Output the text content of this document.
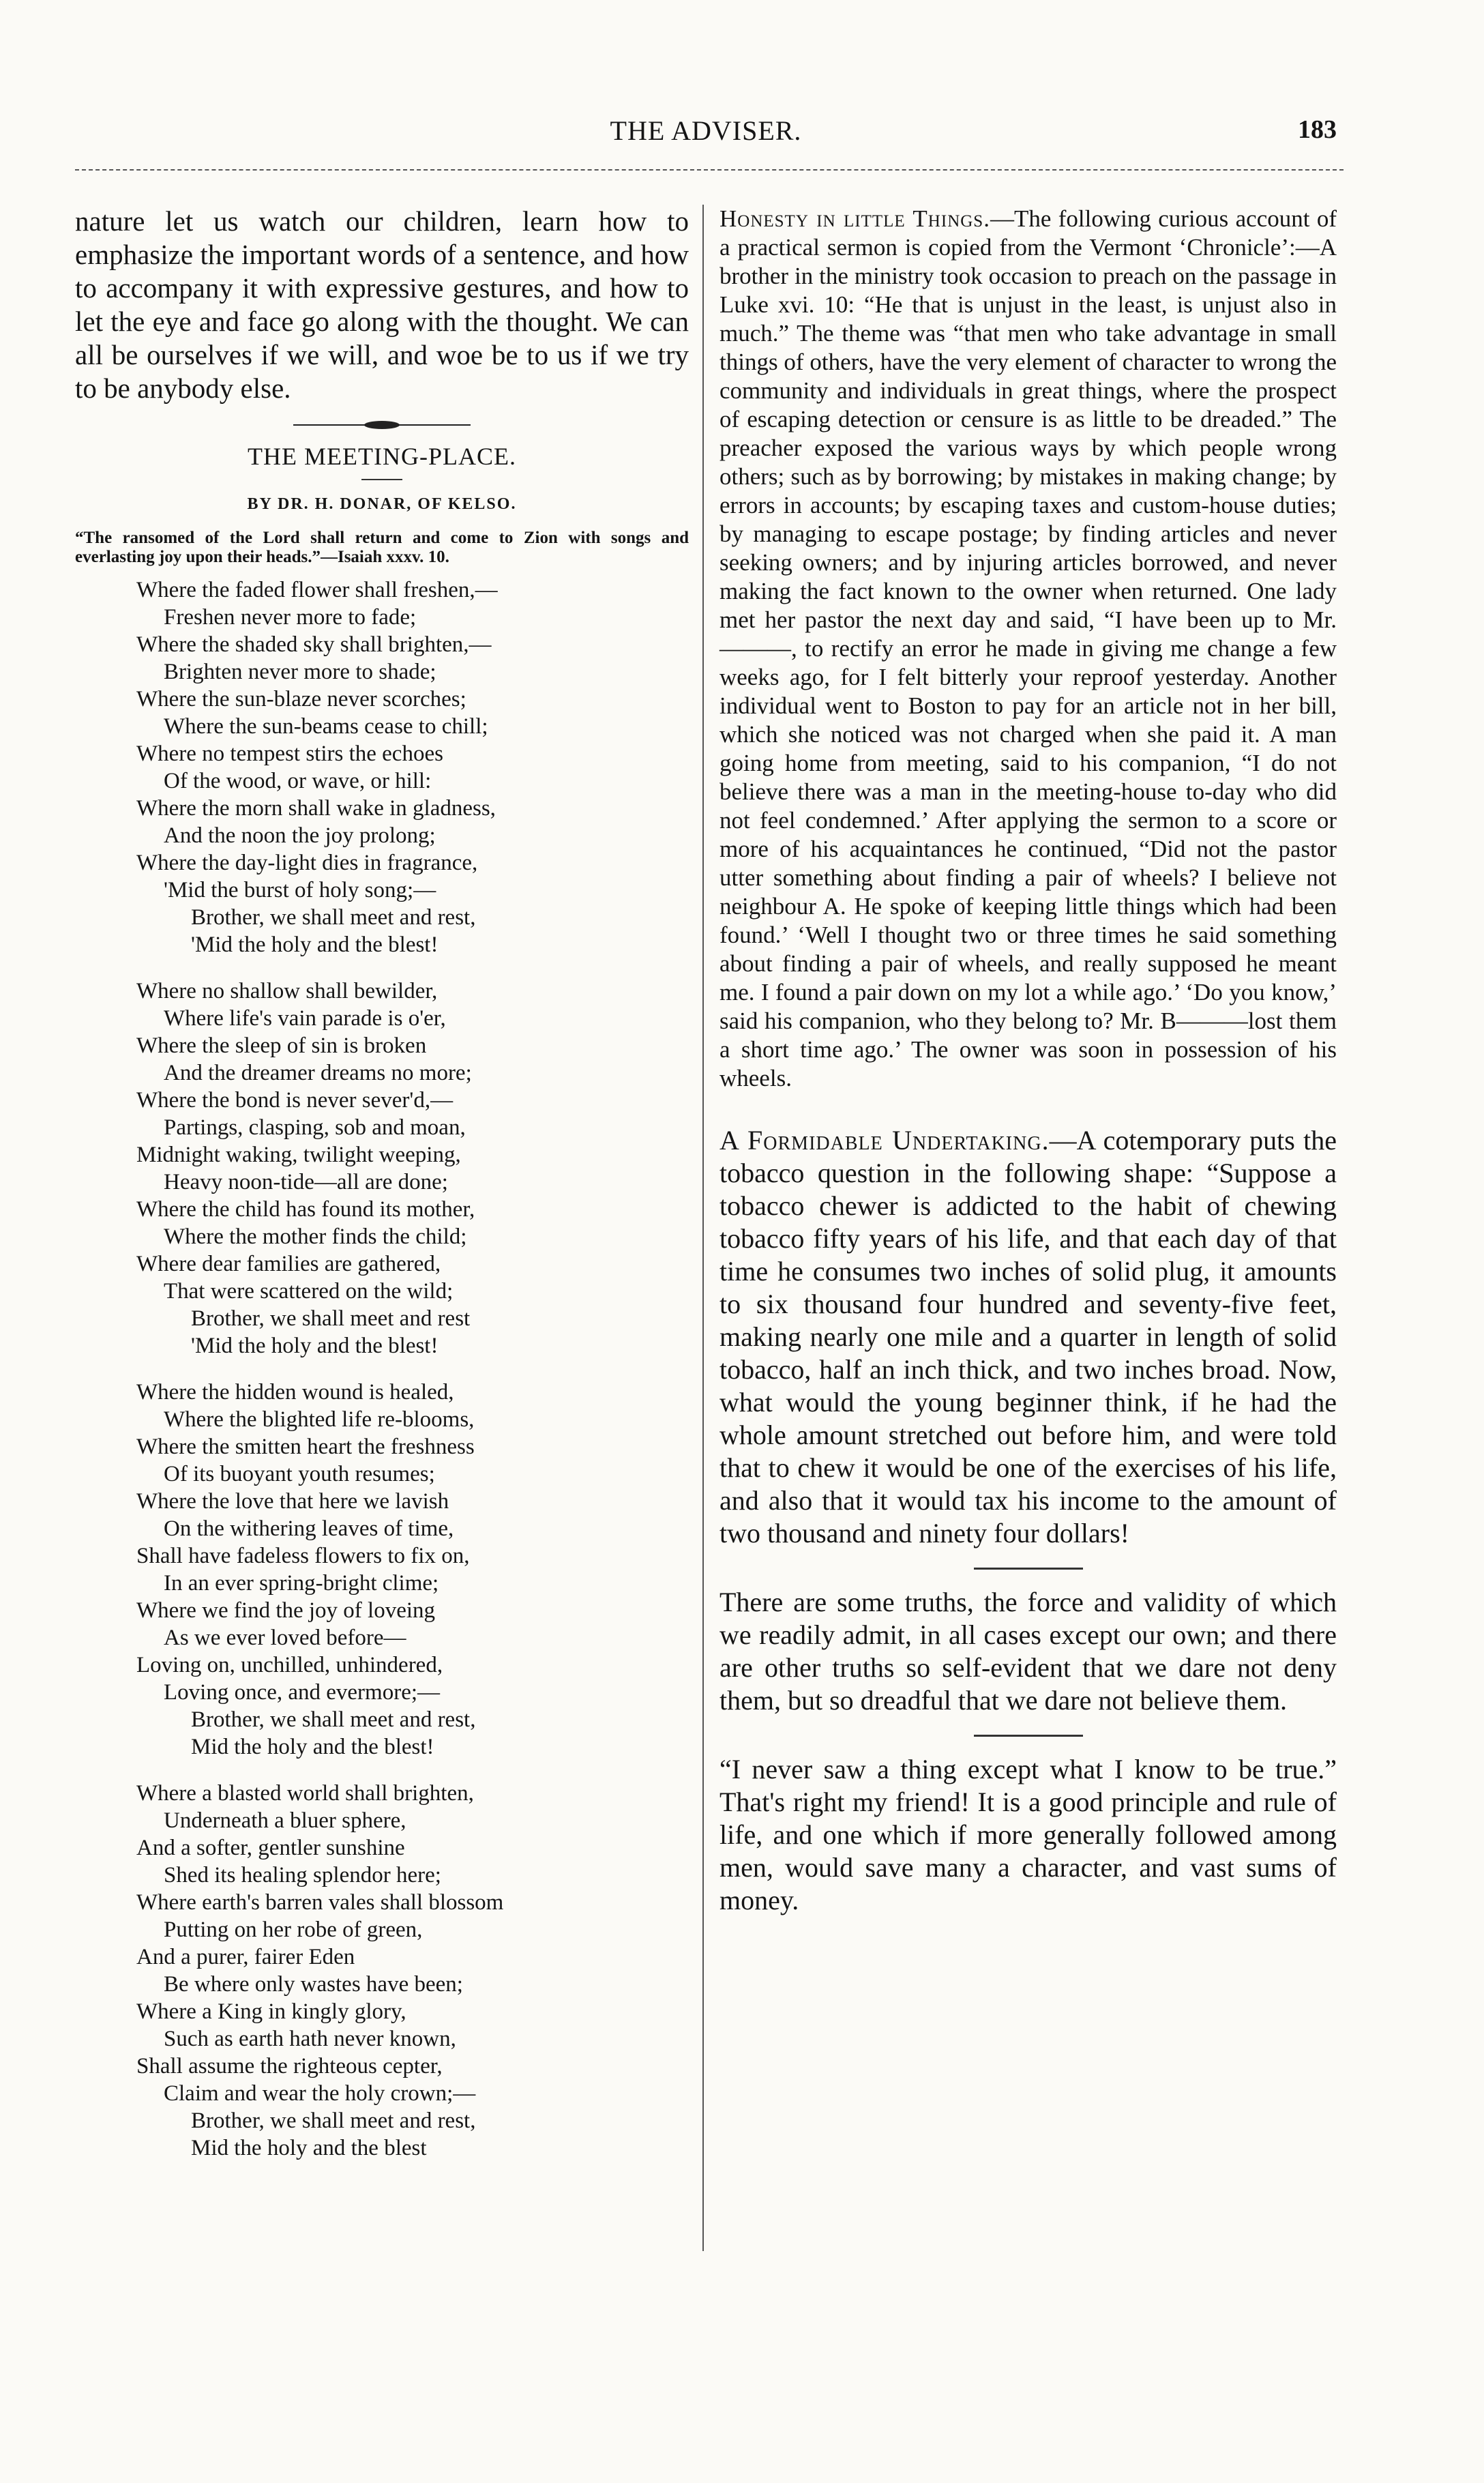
THE ADVISER.	183

nature let us watch our children, learn how to emphasize the important words of a sentence, and how to accompany it with expressive gestures, and how to let the eye and face go along with the thought. We can all be ourselves if we will, and woe be to us if we try to be anybody else.

THE MEETING-PLACE.
BY DR. H. DONAR, OF KELSO.

“The ransomed of the Lord shall return and come to Zion with songs and everlasting joy upon their heads.”—Isaiah xxxv. 10.

Where the faded flower shall freshen,—
Freshen never more to fade;
Where the shaded sky shall brighten,—
Brighten never more to shade;
Where the sun-blaze never scorches;
Where the sun-beams cease to chill;
Where no tempest stirs the echoes
Of the wood, or wave, or hill:
Where the morn shall wake in gladness,
And the noon the joy prolong;
Where the day-light dies in fragrance,
'Mid the burst of holy song;—
Brother, we shall meet and rest,
'Mid the holy and the blest!
Where no shallow shall bewilder,
Where life's vain parade is o'er,
Where the sleep of sin is broken
And the dreamer dreams no more;
Where the bond is never sever'd,—
Partings, clasping, sob and moan,
Midnight waking, twilight weeping,
Heavy noon-tide—all are done;
Where the child has found its mother,
Where the mother finds the child;
Where dear families are gathered,
That were scattered on the wild;
Brother, we shall meet and rest
'Mid the holy and the blest!
Where the hidden wound is healed,
Where the blighted life re-blooms,
Where the smitten heart the freshness
Of its buoyant youth resumes;
Where the love that here we lavish
On the withering leaves of time,
Shall have fadeless flowers to fix on,
In an ever spring-bright clime;
Where we find the joy of loveing
As we ever loved before—
Loving on, unchilled, unhindered,
Loving once, and evermore;—
Brother, we shall meet and rest,
Mid the holy and the blest!
Where a blasted world shall brighten,
Underneath a bluer sphere,
And a softer, gentler sunshine
Shed its healing splendor here;
Where earth's barren vales shall blossom
Putting on her robe of green,
And a purer, fairer Eden
Be where only wastes have been;
Where a King in kingly glory,
Such as earth hath never known,
Shall assume the righteous cepter,
Claim and wear the holy crown;—
Brother, we shall meet and rest,
Mid the holy and the blest

Honesty in little Things.—The following curious account of a practical sermon is copied from the Vermont ‘Chronicle’:—A brother in the ministry took occasion to preach on the passage in Luke xvi. 10: “He that is unjust in the least, is unjust also in much.” The theme was “that men who take advantage in small things of others, have the very element of character to wrong the community and individuals in great things, where the prospect of escaping detection or censure is as little to be dreaded.” The preacher exposed the various ways by which people wrong others; such as by borrowing; by mistakes in making change; by errors in accounts; by escaping taxes and custom-house duties; by managing to escape postage; by finding articles and never seeking owners; and by injuring articles borrowed, and never making the fact known to the owner when returned. One lady met her pastor the next day and said, “I have been up to Mr.———, to rectify an error he made in giving me change a few weeks ago, for I felt bitterly your reproof yesterday. Another individual went to Boston to pay for an article not in her bill, which she noticed was not charged when she paid it. A man going home from meeting, said to his companion, “I do not believe there was a man in the meeting-house to-day who did not feel condemned.’ After applying the sermon to a score or more of his acquaintances he continued, “Did not the pastor utter something about finding a pair of wheels? I believe not neighbour A. He spoke of keeping little things which had been found.’ ‘Well I thought two or three times he said something about finding a pair of wheels, and really supposed he meant me. I found a pair down on my lot a while ago.’ ‘Do you know,’ said his companion, who they belong to? Mr. B———lost them a short time ago.’ The owner was soon in possession of his wheels.

A Formidable Undertaking.—A cotemporary puts the tobacco question in the following shape: “Suppose a tobacco chewer is addicted to the habit of chewing tobacco fifty years of his life, and that each day of that time he consumes two inches of solid plug, it amounts to six thousand four hundred and seventy-five feet, making nearly one mile and a quarter in length of solid tobacco, half an inch thick, and two inches broad. Now, what would the young beginner think, if he had the whole amount stretched out before him, and were told that to chew it would be one of the exercises of his life, and also that it would tax his income to the amount of two thousand and ninety four dollars!

There are some truths, the force and validity of which we readily admit, in all cases except our own; and there are other truths so self-evident that we dare not deny them, but so dreadful that we dare not believe them.

“I never saw a thing except what I know to be true.” That's right my friend! It is a good principle and rule of life, and one which if more generally followed among men, would save many a character, and vast sums of money.
